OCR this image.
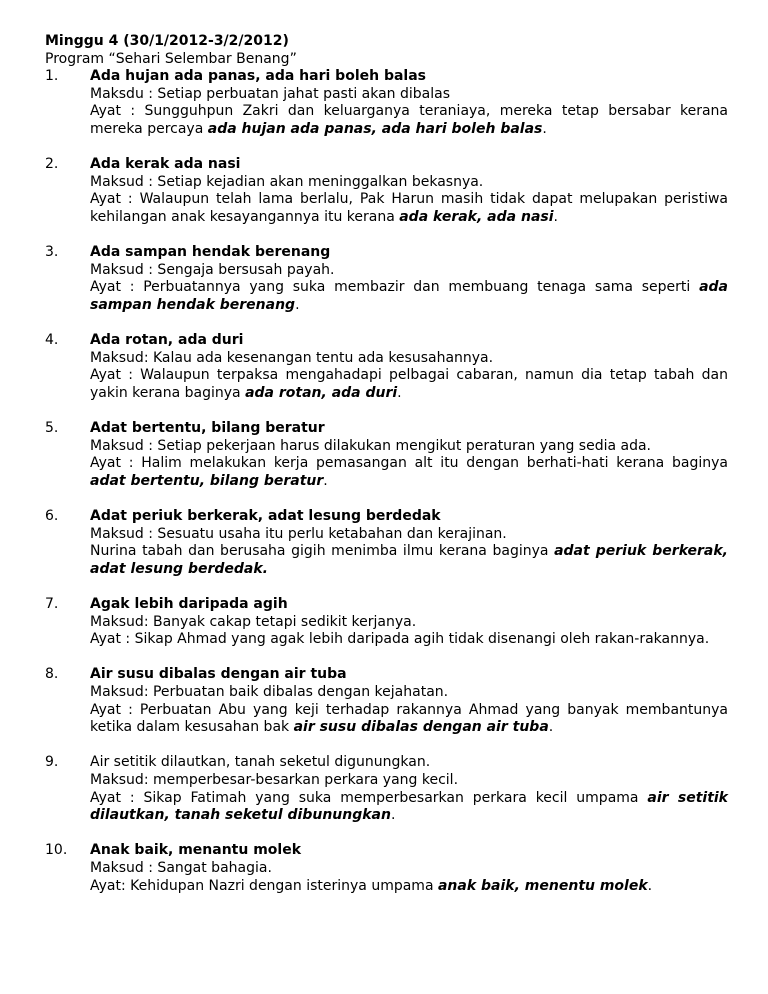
Minggu 4 (30/1/2012-3/2/2012)
Program “Sehari Selembar Benang”
1. Ada hujan ada panas, ada hari boleh balas
Maksdu : Setiap perbuatan jahat pasti akan dibalas
Ayat : Sungguhpun Zakri dan keluarganya teraniaya, mereka tetap bersabar kerana mereka percaya ada hujan ada panas, ada hari boleh balas.
2. Ada kerak ada nasi
Maksud : Setiap kejadian akan meninggalkan bekasnya.
Ayat : Walaupun telah lama berlalu, Pak Harun masih tidak dapat melupakan peristiwa kehilangan anak kesayangannya itu kerana ada kerak, ada nasi.
3. Ada sampan hendak berenang
Maksud : Sengaja bersusah payah.
Ayat : Perbuatannya yang suka membazir dan membuang tenaga sama seperti ada sampan hendak berenang.
4. Ada rotan, ada duri
Maksud: Kalau ada kesenangan tentu ada kesusahannya.
Ayat : Walaupun terpaksa mengahadapi pelbagai cabaran, namun dia tetap tabah dan yakin kerana baginya ada rotan, ada duri.
5. Adat bertentu, bilang beratur
Maksud : Setiap pekerjaan harus dilakukan mengikut peraturan yang sedia ada.
Ayat : Halim melakukan kerja pemasangan alt itu dengan berhati-hati kerana baginya adat bertentu, bilang beratur.
6. Adat periuk berkerak, adat lesung berdedak
Maksud : Sesuatu usaha itu perlu ketabahan dan kerajinan.
Nurina tabah dan berusaha gigih menimba ilmu kerana baginya adat periuk berkerak, adat lesung berdedak.
7. Agak lebih daripada agih
Maksud: Banyak cakap tetapi sedikit kerjanya.
Ayat : Sikap Ahmad yang agak lebih daripada agih tidak disenangi oleh rakan-rakannya.
8. Air susu dibalas dengan air tuba
Maksud: Perbuatan baik dibalas dengan kejahatan.
Ayat : Perbuatan Abu yang keji terhadap rakannya Ahmad yang banyak membantunya ketika dalam kesusahan bak air susu dibalas dengan air tuba.
9. Air setitik dilautkan, tanah seketul digunungkan.
Maksud: memperbesar-besarkan perkara yang kecil.
Ayat : Sikap Fatimah yang suka memperbesarkan perkara kecil umpama air setitik dilautkan, tanah seketul dibunungkan.
10. Anak baik, menantu molek
Maksud : Sangat bahagia.
Ayat: Kehidupan Nazri dengan isterinya umpama anak baik, menentu molek.
